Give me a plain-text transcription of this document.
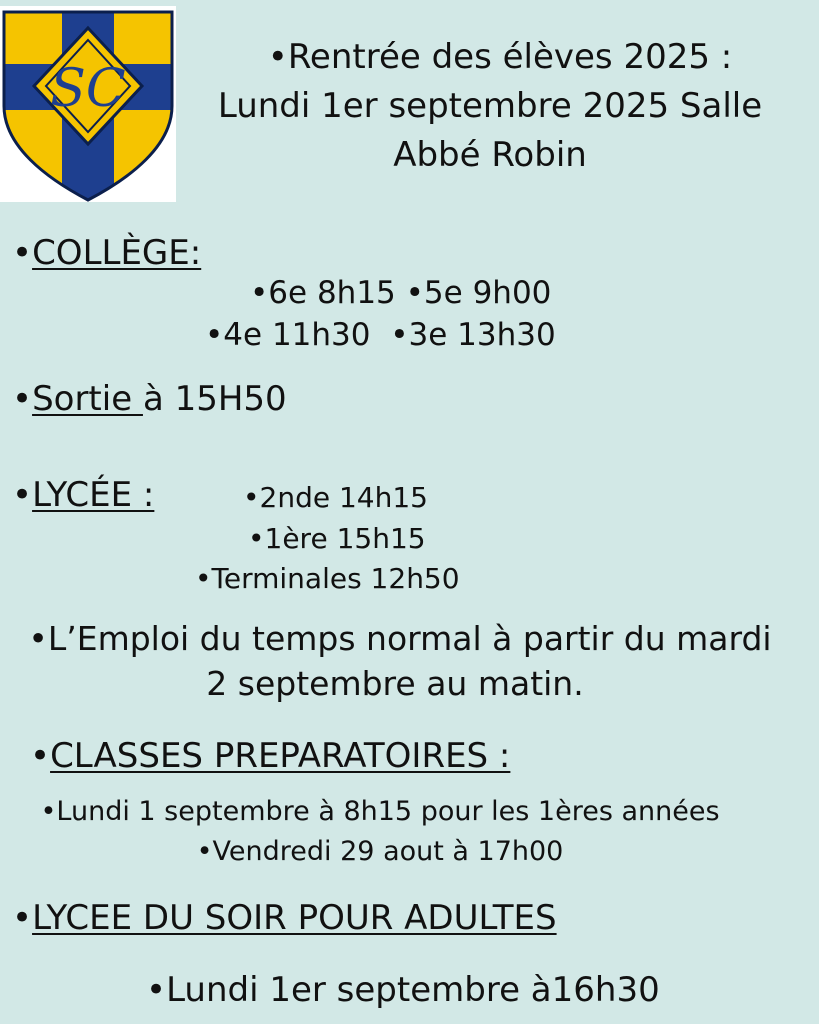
SC
• Rentrée des élèves 2025 :
Lundi 1er septembre 2025 Salle
Abbé Robin
• COLLÈGE:
• 6e 8h15 • 5e 9h00
• 4e 11h30 • 3e 13h30
• Sortie à 15H50
• LYCÉE : •	2nde 14h15
• 1ère 15h15
• Terminales 12h50
• L’Emploi du temps normal à partir du mardi
2 septembre au matin.
• CLASSES PREPARATOIRES :
• Lundi 1 septembre à 8h15 pour les 1ères années
• Vendredi 29 aout à 17h00
• LYCEE DU SOIR POUR ADULTES
• Lundi 1er septembre à16h30
